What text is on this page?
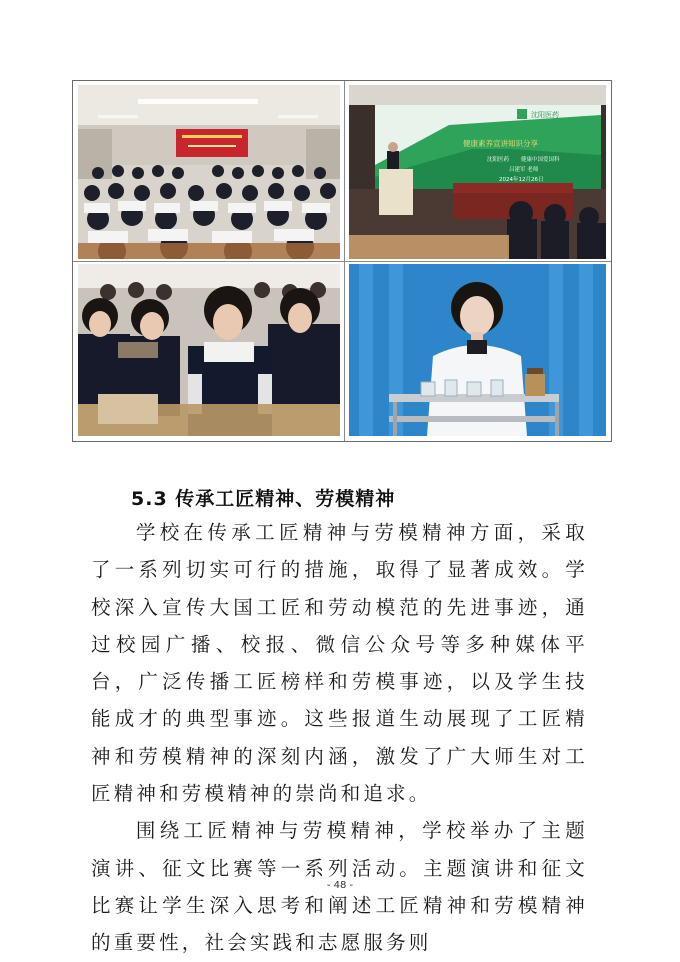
沈阳医药
健康素养宣讲知识分享
沈阳医药 健康中国爱国科
吕建军 老师
2024年12月26日
5.3 传承工匠精神、劳模精神

学校在传承工匠精神与劳模精神方面，采取了一系列切实可行的措施，取得了显著成效。学校深入宣传大国工匠和劳动模范的先进事迹，通过校园广播、校报、微信公众号等多种媒体平台，广泛传播工匠榜样和劳模事迹，以及学生技能成才的典型事迹。这些报道生动展现了工匠精神和劳模精神的深刻内涵，激发了广大师生对工匠精神和劳模精神的崇尚和追求。

围绕工匠精神与劳模精神，学校举办了主题演讲、征文比赛等一系列活动。主题演讲和征文比赛让学生深入思考和阐述工匠精神和劳模精神的重要性，社会实践和志愿服务则

- 48 -
